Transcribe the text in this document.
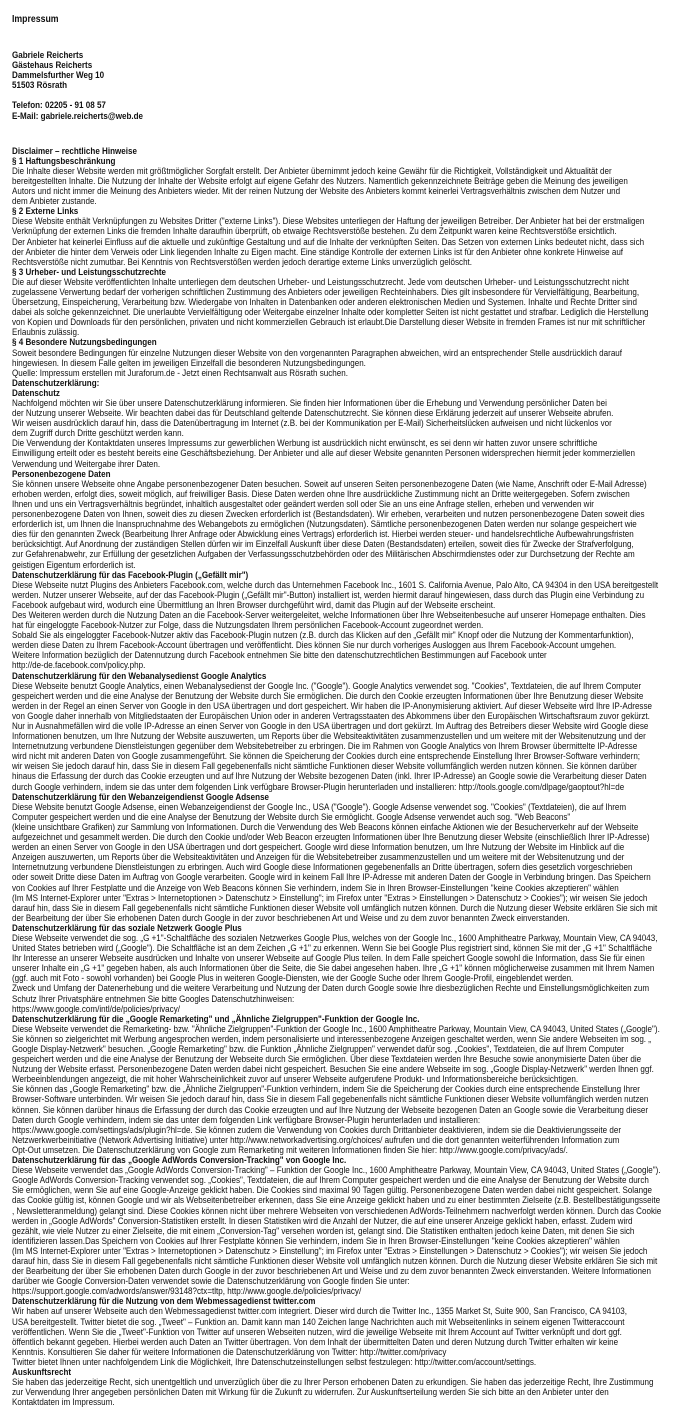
Impressum
Gabriele Reicherts
Gästehaus Reicherts
Dammelsfurther Weg 10
51503 Rösrath
Telefon: 02205 - 91 08 57
E-Mail: gabriele.reicherts@web.de
Disclaimer – rechtliche Hinweise
§ 1 Haftungsbeschränkung
Die Inhalte dieser Website werden mit größtmöglicher Sorgfalt erstellt. Der Anbieter übernimmt jedoch keine Gewähr für die Richtigkeit, Vollständigkeit und Aktualität der
bereitgestellten Inhalte. Die Nutzung der Inhalte der Website erfolgt auf eigene Gefahr des Nutzers. Namentlich gekennzeichnete Beiträge geben die Meinung des jeweiligen
Autors und nicht immer die Meinung des Anbieters wieder. Mit der reinen Nutzung der Website des Anbieters kommt keinerlei Vertragsverhältnis zwischen dem Nutzer und
dem Anbieter zustande.
§ 2 Externe Links
Diese Website enthält Verknüpfungen zu Websites Dritter ("externe Links"). Diese Websites unterliegen der Haftung der jeweiligen Betreiber. Der Anbieter hat bei der erstmaligen
Verknüpfung der externen Links die fremden Inhalte daraufhin überprüft, ob etwaige Rechtsverstöße bestehen. Zu dem Zeitpunkt waren keine Rechtsverstöße ersichtlich.
Der Anbieter hat keinerlei Einfluss auf die aktuelle und zukünftige Gestaltung und auf die Inhalte der verknüpften Seiten. Das Setzen von externen Links bedeutet nicht, dass sich
der Anbieter die hinter dem Verweis oder Link liegenden Inhalte zu Eigen macht. Eine ständige Kontrolle der externen Links ist für den Anbieter ohne konkrete Hinweise auf
Rechtsverstöße nicht zumutbar. Bei Kenntnis von Rechtsverstößen werden jedoch derartige externe Links unverzüglich gelöscht.
§ 3 Urheber- und Leistungsschutzrechte
Die auf dieser Website veröffentlichten Inhalte unterliegen dem deutschen Urheber- und Leistungsschutzrecht. Jede vom deutschen Urheber- und Leistungsschutzrecht nicht
zugelassene Verwertung bedarf der vorherigen schriftlichen Zustimmung des Anbieters oder jeweiligen Rechteinhabers. Dies gilt insbesondere für Vervielfältigung, Bearbeitung,
Übersetzung, Einspeicherung, Verarbeitung bzw. Wiedergabe von Inhalten in Datenbanken oder anderen elektronischen Medien und Systemen. Inhalte und Rechte Dritter sind
dabei als solche gekennzeichnet. Die unerlaubte Vervielfältigung oder Weitergabe einzelner Inhalte oder kompletter Seiten ist nicht gestattet und strafbar. Lediglich die Herstellung
von Kopien und Downloads für den persönlichen, privaten und nicht kommerziellen Gebrauch ist erlaubt.Die Darstellung dieser Website in fremden Frames ist nur mit schriftlicher
Erlaubnis zulässig.
§ 4 Besondere Nutzungsbedingungen
Soweit besondere Bedingungen für einzelne Nutzungen dieser Website von den vorgenannten Paragraphen abweichen, wird an entsprechender Stelle ausdrücklich darauf
hingewiesen. In diesem Falle gelten im jeweiligen Einzelfall die besonderen Nutzungsbedingungen.
Quelle: Impressum erstellen mit Juraforum.de - Jetzt einen Rechtsanwalt aus Rösrath suchen.
Datenschutzerklärung:
Datenschutz
Nachfolgend möchten wir Sie über unsere Datenschutzerklärung informieren. Sie finden hier Informationen über die Erhebung und Verwendung persönlicher Daten bei
der Nutzung unserer Webseite. Wir beachten dabei das für Deutschland geltende Datenschutzrecht. Sie können diese Erklärung jederzeit auf unserer Webseite abrufen.
Wir weisen ausdrücklich darauf hin, dass die Datenübertragung im Internet (z.B. bei der Kommunikation per E-Mail) Sicherheitslücken aufweisen und nicht lückenlos vor
dem Zugriff durch Dritte geschützt werden kann.
Die Verwendung der Kontaktdaten unseres Impressums zur gewerblichen Werbung ist ausdrücklich nicht erwünscht, es sei denn wir hatten zuvor unsere schriftliche
Einwilligung erteilt oder es besteht bereits eine Geschäftsbeziehung. Der Anbieter und alle auf dieser Website genannten Personen widersprechen hiermit jeder kommerziellen
Verwendung und Weitergabe ihrer Daten.
Personenbezogene Daten
Sie können unsere Webseite ohne Angabe personenbezogener Daten besuchen. Soweit auf unseren Seiten personenbezogene Daten (wie Name, Anschrift oder E-Mail Adresse)
erhoben werden, erfolgt dies, soweit möglich, auf freiwilliger Basis. Diese Daten werden ohne Ihre ausdrückliche Zustimmung nicht an Dritte weitergegeben. Sofern zwischen
Ihnen und uns ein Vertragsverhältnis begründet, inhaltlich ausgestaltet oder geändert werden soll oder Sie an uns eine Anfrage stellen, erheben und verwenden wir
personenbezogene Daten von Ihnen, soweit dies zu diesen Zwecken erforderlich ist (Bestandsdaten). Wir erheben, verarbeiten und nutzen personenbezogene Daten soweit dies
erforderlich ist, um Ihnen die Inanspruchnahme des Webangebots zu ermöglichen (Nutzungsdaten). Sämtliche personenbezogenen Daten werden nur solange gespeichert wie
dies für den genannten Zweck (Bearbeitung Ihrer Anfrage oder Abwicklung eines Vertrags) erforderlich ist. Hierbei werden steuer- und handelsrechtliche Aufbewahrungsfristen
berücksichtigt. Auf Anordnung der zuständigen Stellen dürfen wir im Einzelfall Auskunft über diese Daten (Bestandsdaten) erteilen, soweit dies für Zwecke der Strafverfolgung,
zur Gefahrenabwehr, zur Erfüllung der gesetzlichen Aufgaben der Verfassungsschutzbehörden oder des Militärischen Abschirmdienstes oder zur Durchsetzung der Rechte am
geistigen Eigentum erforderlich ist.
Datenschutzerklärung für das Facebook-Plugin („Gefällt mir")
Diese Webseite nutzt Plugins des Anbieters Facebook.com, welche durch das Unternehmen Facebook Inc., 1601 S. California Avenue, Palo Alto, CA 94304 in den USA bereitgestellt
werden. Nutzer unserer Webseite, auf der das Facebook-Plugin („Gefällt mir"-Button) installiert ist, werden hiermit darauf hingewiesen, dass durch das Plugin eine Verbindung zu
Facebook aufgebaut wird, wodurch eine Übermittlung an Ihren Browser durchgeführt wird, damit das Plugin auf der Webseite erscheint.
Des Weiteren werden durch die Nutzung Daten an die Facebook-Server weitergeleitet, welche Informationen über Ihre Webseitenbesuche auf unserer Homepage enthalten. Dies
hat für eingeloggte Facebook-Nutzer zur Folge, dass die Nutzungsdaten Ihrem persönlichen Facebook-Account zugeordnet werden.
Sobald Sie als eingeloggter Facebook-Nutzer aktiv das Facebook-Plugin nutzen (z.B. durch das Klicken auf den „Gefällt mir" Knopf oder die Nutzung der Kommentarfunktion),
werden diese Daten zu Ihrem Facebook-Account übertragen und veröffentlicht. Dies können Sie nur durch vorheriges Ausloggen aus Ihrem Facebook-Account umgehen.
Weitere Information bezüglich der Datennutzung durch Facebook entnehmen Sie bitte den datenschutzrechtlichen Bestimmungen auf Facebook unter
http://de-de.facebook.com/policy.php.
Datenschutzerklärung für den Webanalysedienst Google Analytics
Diese Webseite benutzt Google Analytics, einen Webanalysedienst der Google Inc. ("Google"). Google Analytics verwendet sog. "Cookies", Textdateien, die auf Ihrem Computer
gespeichert werden und die eine Analyse der Benutzung der Website durch Sie ermöglichen. Die durch den Cookie erzeugten Informationen über Ihre Benutzung dieser Website
werden in der Regel an einen Server von Google in den USA übertragen und dort gespeichert. Wir haben die IP-Anonymisierung aktiviert. Auf dieser Webseite wird Ihre IP-Adresse
von Google daher innerhalb von Mitgliedstaaten der Europäischen Union oder in anderen Vertragsstaaten des Abkommens über den Europäischen Wirtschaftsraum zuvor gekürzt.
Nur in Ausnahmefällen wird die volle IP-Adresse an einen Server von Google in den USA übertragen und dort gekürzt. Im Auftrag des Betreibers dieser Website wird Google diese
Informationen benutzen, um Ihre Nutzung der Website auszuwerten, um Reports über die Websiteaktivitäten zusammenzustellen und um weitere mit der Websitenutzung und der
Internetnutzung verbundene Dienstleistungen gegenüber dem Websitebetreiber zu erbringen. Die im Rahmen von Google Analytics von Ihrem Browser übermittelte IP-Adresse
wird nicht mit anderen Daten von Google zusammengeführt. Sie können die Speicherung der Cookies durch eine entsprechende Einstellung Ihrer Browser-Software verhindern;
wir weisen Sie jedoch darauf hin, dass Sie in diesem Fall gegebenenfalls nicht sämtliche Funktionen dieser Website vollumfänglich werden nutzen können. Sie können darüber
hinaus die Erfassung der durch das Cookie erzeugten und auf Ihre Nutzung der Website bezogenen Daten (inkl. Ihrer IP-Adresse) an Google sowie die Verarbeitung dieser Daten
durch Google verhindern, indem sie das unter dem folgenden Link verfügbare Browser-Plugin herunterladen und installieren: http://tools.google.com/dlpage/gaoptout?hl=de
Datenschutzerklärung für den Webanzeigendienst Google Adsense
Diese Website benutzt Google Adsense, einen Webanzeigendienst der Google Inc., USA ("Google"). Google Adsense verwendet sog. "Cookies" (Textdateien), die auf Ihrem
Computer gespeichert werden und die eine Analyse der Benutzung der Website durch Sie ermöglicht. Google Adsense verwendet auch sog. "Web Beacons"
(kleine unsichtbare Grafiken) zur Sammlung von Informationen. Durch die Verwendung des Web Beacons können einfache Aktionen wie der Besucherverkehr auf der Webseite
aufgezeichnet und gesammelt werden. Die durch den Cookie und/oder Web Beacon erzeugten Informationen über Ihre Benutzung dieser Website (einschließlich Ihrer IP-Adresse)
werden an einen Server von Google in den USA übertragen und dort gespeichert. Google wird diese Information benutzen, um Ihre Nutzung der Website im Hinblick auf die
Anzeigen auszuwerten, um Reports über die Websiteaktivitäten und Anzeigen für die Websitebetreiber zusammenzustellen und um weitere mit der Websitenutzung und der
Internetnutzung verbundene Dienstleistungen zu erbringen. Auch wird Google diese Informationen gegebenenfalls an Dritte übertragen, sofern dies gesetzlich vorgeschrieben
oder soweit Dritte diese Daten im Auftrag von Google verarbeiten. Google wird in keinem Fall Ihre IP-Adresse mit anderen Daten der Google in Verbindung bringen. Das Speichern
von Cookies auf Ihrer Festplatte und die Anzeige von Web Beacons können Sie verhindern, indem Sie in Ihren Browser-Einstellungen "keine Cookies akzeptieren" wählen
(Im MS Internet-Explorer unter "Extras > Internetoptionen > Datenschutz > Einstellung"; im Firefox unter "Extras > Einstellungen > Datenschutz > Cookies"); wir weisen Sie jedoch
darauf hin, dass Sie in diesem Fall gegebenenfalls nicht sämtliche Funktionen dieser Website voll umfänglich nutzen können. Durch die Nutzung dieser Website erklären Sie sich mit
der Bearbeitung der über Sie erhobenen Daten durch Google in der zuvor beschriebenen Art und Weise und zu dem zuvor benannten Zweck einverstanden.
Datenschutzerklärung für das soziale Netzwerk Google Plus
Diese Webseite verwendet die sog. „G +1"-Schaltfläche des sozialen Netzwerkes Google Plus, welches von der Google Inc., 1600 Amphitheatre Parkway, Mountain View, CA 94043,
United States betrieben wird („Google"). Die Schaltfläche ist an dem Zeichen „G +1" zu erkennen. Wenn Sie bei Google Plus registriert sind, können Sie mit der „G +1" Schaltfläche
Ihr Interesse an unserer Webseite ausdrücken und Inhalte von unserer Webseite auf Google Plus teilen. In dem Falle speichert Google sowohl die Information, dass Sie für einen
unserer Inhalte ein „G +1" gegeben haben, als auch Informationen über die Seite, die Sie dabei angesehen haben. Ihre „G +1" können möglicherweise zusammen mit Ihrem Namen
(ggf. auch mit Foto - sowohl vorhanden) bei Google Plus in weiteren Google-Diensten, wie der Google Suche oder Ihrem Google-Profil, eingeblendet werden.
Zweck und Umfang der Datenerhebung und die weitere Verarbeitung und Nutzung der Daten durch Google sowie Ihre diesbezüglichen Rechte und Einstellungsmöglichkeiten zum
Schutz Ihrer Privatsphäre entnehmen Sie bitte Googles Datenschutzhinweisen:
https://www.google.com/intl/de/policies/privacy/
Datenschutzerklärung für die „Google Remarketing" und „Ähnliche Zielgruppen"-Funktion der Google Inc.
Diese Webseite verwendet die Remarketing- bzw. "Ähnliche Zielgruppen"-Funktion der Google Inc., 1600 Amphitheatre Parkway, Mountain View, CA 94043, United States („Google").
Sie können so zielgerichtet mit Werbung angesprochen werden, indem personalisierte und interessenbezogene Anzeigen geschaltet werden, wenn Sie andere Webseiten im sog. „
Google Display-Netzwerk" besuchen. „Google Remarketing" bzw. die Funktion „Ähnliche Zielgruppen" verwendet dafür sog. „Cookies", Textdateien, die auf Ihrem Computer
gespeichert werden und die eine Analyse der Benutzung der Webseite durch Sie ermöglichen. Über diese Textdateien werden Ihre Besuche sowie anonymisierte Daten über die
Nutzung der Website erfasst. Personenbezogene Daten werden dabei nicht gespeichert. Besuchen Sie eine andere Webseite im sog. „Google Display-Netzwerk" werden Ihnen ggf.
Werbeeinblendungen angezeigt, die mit hoher Wahrscheinlichkeit zuvor auf unserer Webseite aufgerufene Produkt- und Informationsbereiche berücksichtigen.
Sie können das „Google Remarketing" bzw. die „Ähnliche Zielgruppen"-Funktion verhindern, indem Sie die Speicherung der Cookies durch eine entsprechende Einstellung Ihrer
Browser-Software unterbinden. Wir weisen Sie jedoch darauf hin, dass Sie in diesem Fall gegebenenfalls nicht sämtliche Funktionen dieser Website vollumfänglich werden nutzen
können. Sie können darüber hinaus die Erfassung der durch das Cookie erzeugten und auf Ihre Nutzung der Webseite bezogenen Daten an Google sowie die Verarbeitung dieser
Daten durch Google verhindern, indem sie das unter dem folgenden Link verfügbare Browser-Plugin herunterladen und installieren:
https://www.google.com/settings/ads/plugin?hl=de. Sie können zudem die Verwendung von Cookies durch Drittanbieter deaktivieren, indem sie die Deaktivierungsseite der
Netzwerkwerbeinitiative (Network Advertising Initiative) unter http://www.networkadvertising.org/choices/ aufrufen und die dort genannten weiterführenden Information zum
Opt-Out umsetzen. Die Datenschutzerklärung von Google zum Remarketing mit weiteren Informationen finden Sie hier: http://www.google.com/privacy/ads/.
Datenschutzerklärung für das „Google AdWords Conversion-Tracking" von Google Inc.
Diese Webseite verwendet das „Google AdWords Conversion-Tracking" – Funktion der Google Inc., 1600 Amphitheatre Parkway, Mountain View, CA 94043, United States („Google").
Google AdWords Conversion-Tracking verwendet sog. „Cookies", Textdateien, die auf Ihrem Computer gespeichert werden und die eine Analyse der Benutzung der Website durch
Sie ermöglichen, wenn Sie auf eine Google-Anzeige geklickt haben. Die Cookies sind maximal 90 Tagen gültig. Personenbezogene Daten werden dabei nicht gespeichert. Solange
das Cookie gültig ist, können Google und wir als Webseitenbetreiber erkennen, dass Sie eine Anzeige geklickt haben und zu einer bestimmten Zielseite (z.B. Bestellbestätigungsseite
, Newsletteranmeldung) gelangt sind. Diese Cookies können nicht über mehrere Webseiten von verschiedenen AdWords-Teilnehmern nachverfolgt werden können. Durch das Cookie
werden in „Google AdWords" Conversion-Statistiken erstellt. In diesen Statistiken wird die Anzahl der Nutzer, die auf eine unserer Anzeige geklickt haben, erfasst. Zudem wird
gezählt, wie viele Nutzer zu einer Zielseite, die mit einem „Conversion-Tag" versehen worden ist, gelangt sind. Die Statistiken enthalten jedoch keine Daten, mit denen Sie sich
identifizieren lassen.Das Speichern von Cookies auf Ihrer Festplatte können Sie verhindern, indem Sie in Ihren Browser-Einstellungen "keine Cookies akzeptieren" wählen
(Im MS Internet-Explorer unter "Extras > Internetoptionen > Datenschutz > Einstellung"; im Firefox unter "Extras > Einstellungen > Datenschutz > Cookies"); wir weisen Sie jedoch
darauf hin, dass Sie in diesem Fall gegebenenfalls nicht sämtliche Funktionen dieser Website voll umfänglich nutzen können. Durch die Nutzung dieser Website erklären Sie sich mit
der Bearbeitung der über Sie erhobenen Daten durch Google in der zuvor beschriebenen Art und Weise und zu dem zuvor benannten Zweck einverstanden. Weitere Informationen
darüber wie Google Conversion-Daten verwendet sowie die Datenschutzerklärung von Google finden Sie unter:
https://support.google.com/adwords/answer/93148?ctx=tltp, http://www.google.de/policies/privacy/
Datenschutzerklärung für die Nutzung von dem Webmessagedienst twitter.com
Wir haben auf unserer Webseite auch den Webmessagedienst twitter.com integriert. Dieser wird durch die Twitter Inc., 1355 Market St, Suite 900, San Francisco, CA 94103,
USA bereitgestellt. Twitter bietet die sog. „Tweet" – Funktion an. Damit kann man 140 Zeichen lange Nachrichten auch mit Webseitenlinks in seinem eigenen Twitteraccount
veröffentlichen. Wenn Sie die „Tweet"-Funktion von Twitter auf unseren Webseiten nutzen, wird die jeweilige Webseite mit Ihrem Account auf Twitter verknüpft und dort ggf.
öffentlich bekannt gegeben. Hierbei werden auch Daten an Twitter übertragen. Von dem Inhalt der übermittelten Daten und deren Nutzung durch Twitter erhalten wir keine
Kenntnis. Konsultieren Sie daher für weitere Informationen die Datenschutzerklärung von Twitter: http://twitter.com/privacy
Twitter bietet Ihnen unter nachfolgendem Link die Möglichkeit, Ihre Datenschutzeinstellungen selbst festzulegen: http://twitter.com/account/settings.
Auskunftsrecht
Sie haben das jederzeitige Recht, sich unentgeltlich und unverzüglich über die zu Ihrer Person erhobenen Daten zu erkundigen. Sie haben das jederzeitige Recht, Ihre Zustimmung
zur Verwendung Ihrer angegeben persönlichen Daten mit Wirkung für die Zukunft zu widerrufen. Zur Auskunftserteilung werden Sie sich bitte an den Anbieter unter den
Kontaktdaten im Impressum.
